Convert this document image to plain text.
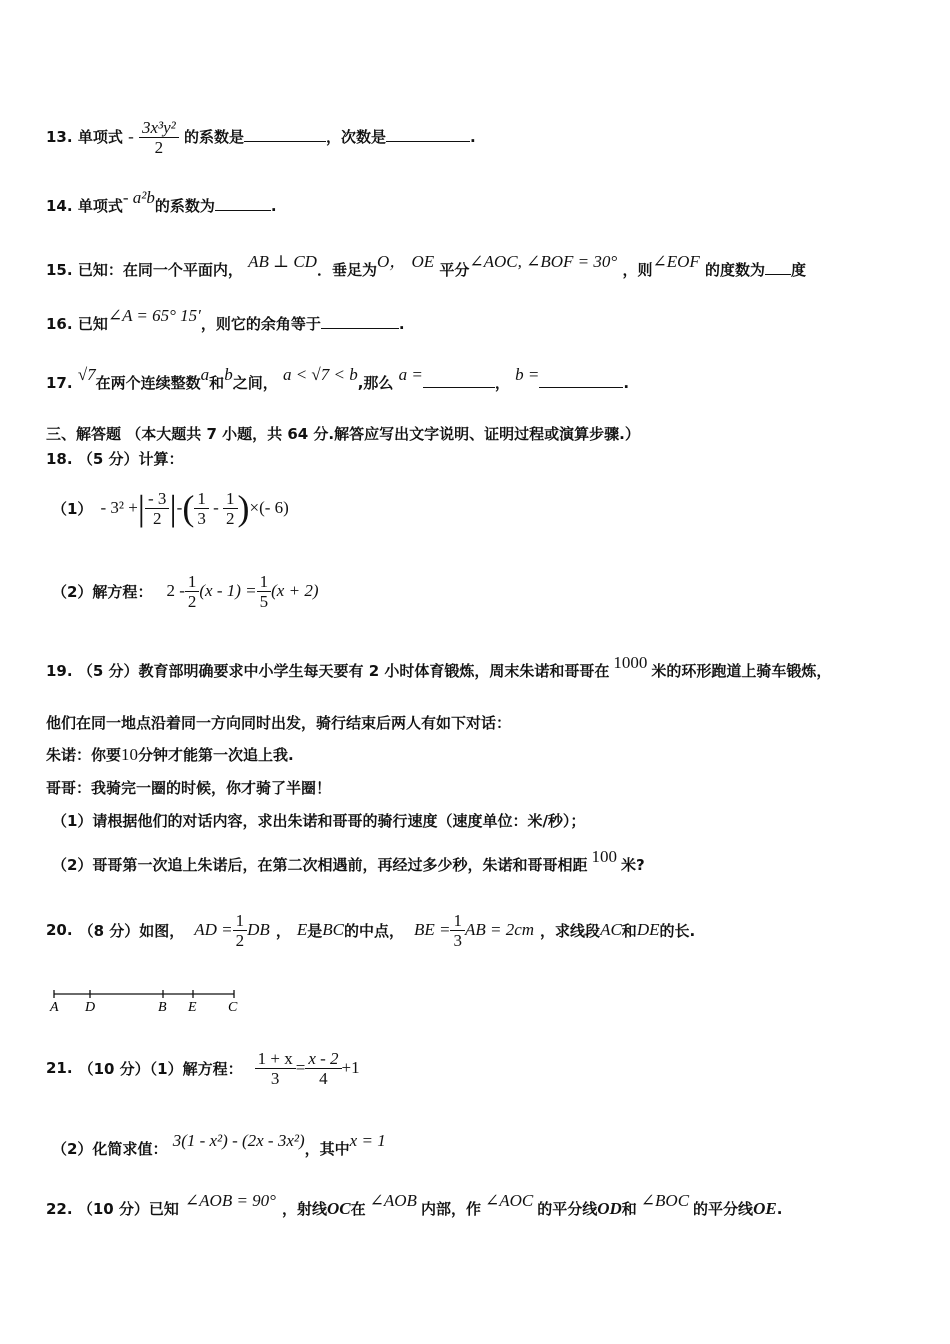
13. 单项式 - $\frac{\text{3x³y²}}{2}$ 的系数是	，次数是	.
14. 单项式- a²b的系数为	.
15. 已知：在同一个平面内， AB ⊥ CD．垂足为O， OE 平分∠AOC, ∠BOF = 30° ，则∠EOF 的度数为 度
16. 已知∠A = 65° 15′，则它的余角等于	.
17. √7在两个连续整数a和b之间， a < √7 < b,那么 a =	， b =	.
三、解答题 （本大题共 7 小题，共 64 分.解答应写出文字说明、证明过程或演算步骤.）
18. （5 分）计算：
（1） - 3² + | $\frac{- 3}{2}$ | - ( $\frac{1}{3} - \frac{1}{2}$ ) ×(- 6)
（2）解方程： $2 - \frac{1}{2} (x - 1) = \frac{1}{5} (x + 2)$
19. （5 分）教育部明确要求中小学生每天要有 2 小时体育锻炼，周末朱诺和哥哥在 1000 米的环形跑道上骑车锻炼，
他们在同一地点沿着同一方向同时出发，骑行结束后两人有如下对话：
朱诺：你要10分钟才能第一次追上我.
哥哥：我骑完一圈的时候，你才骑了半圈！
（1）请根据他们的对话内容，求出朱诺和哥哥的骑行速度（速度单位：米/秒）；
（2）哥哥第一次追上朱诺后，在第二次相遇前，再经过多少秒，朱诺和哥哥相距 100 米?
20. （8 分）如图， AD = $\frac{1}{2}$ DB ， E 是 BC 的中点， BE = $\frac{1}{3}$ AB = 2cm ，求线段 AC 和 DE 的长.
A D	B E C
21. （10 分）（1）解方程： $\frac{1 + x}{3} = \frac{x - 2}{4} +1$
（2）化简求值： 3(1 - x²) - (2x - 3x²)，其中x = 1
22. （10 分）已知 ∠AOB = 90° ，射线OC在 ∠AOB 内部，作 ∠AOC 的平分线OD和 ∠BOC 的平分线OE.
